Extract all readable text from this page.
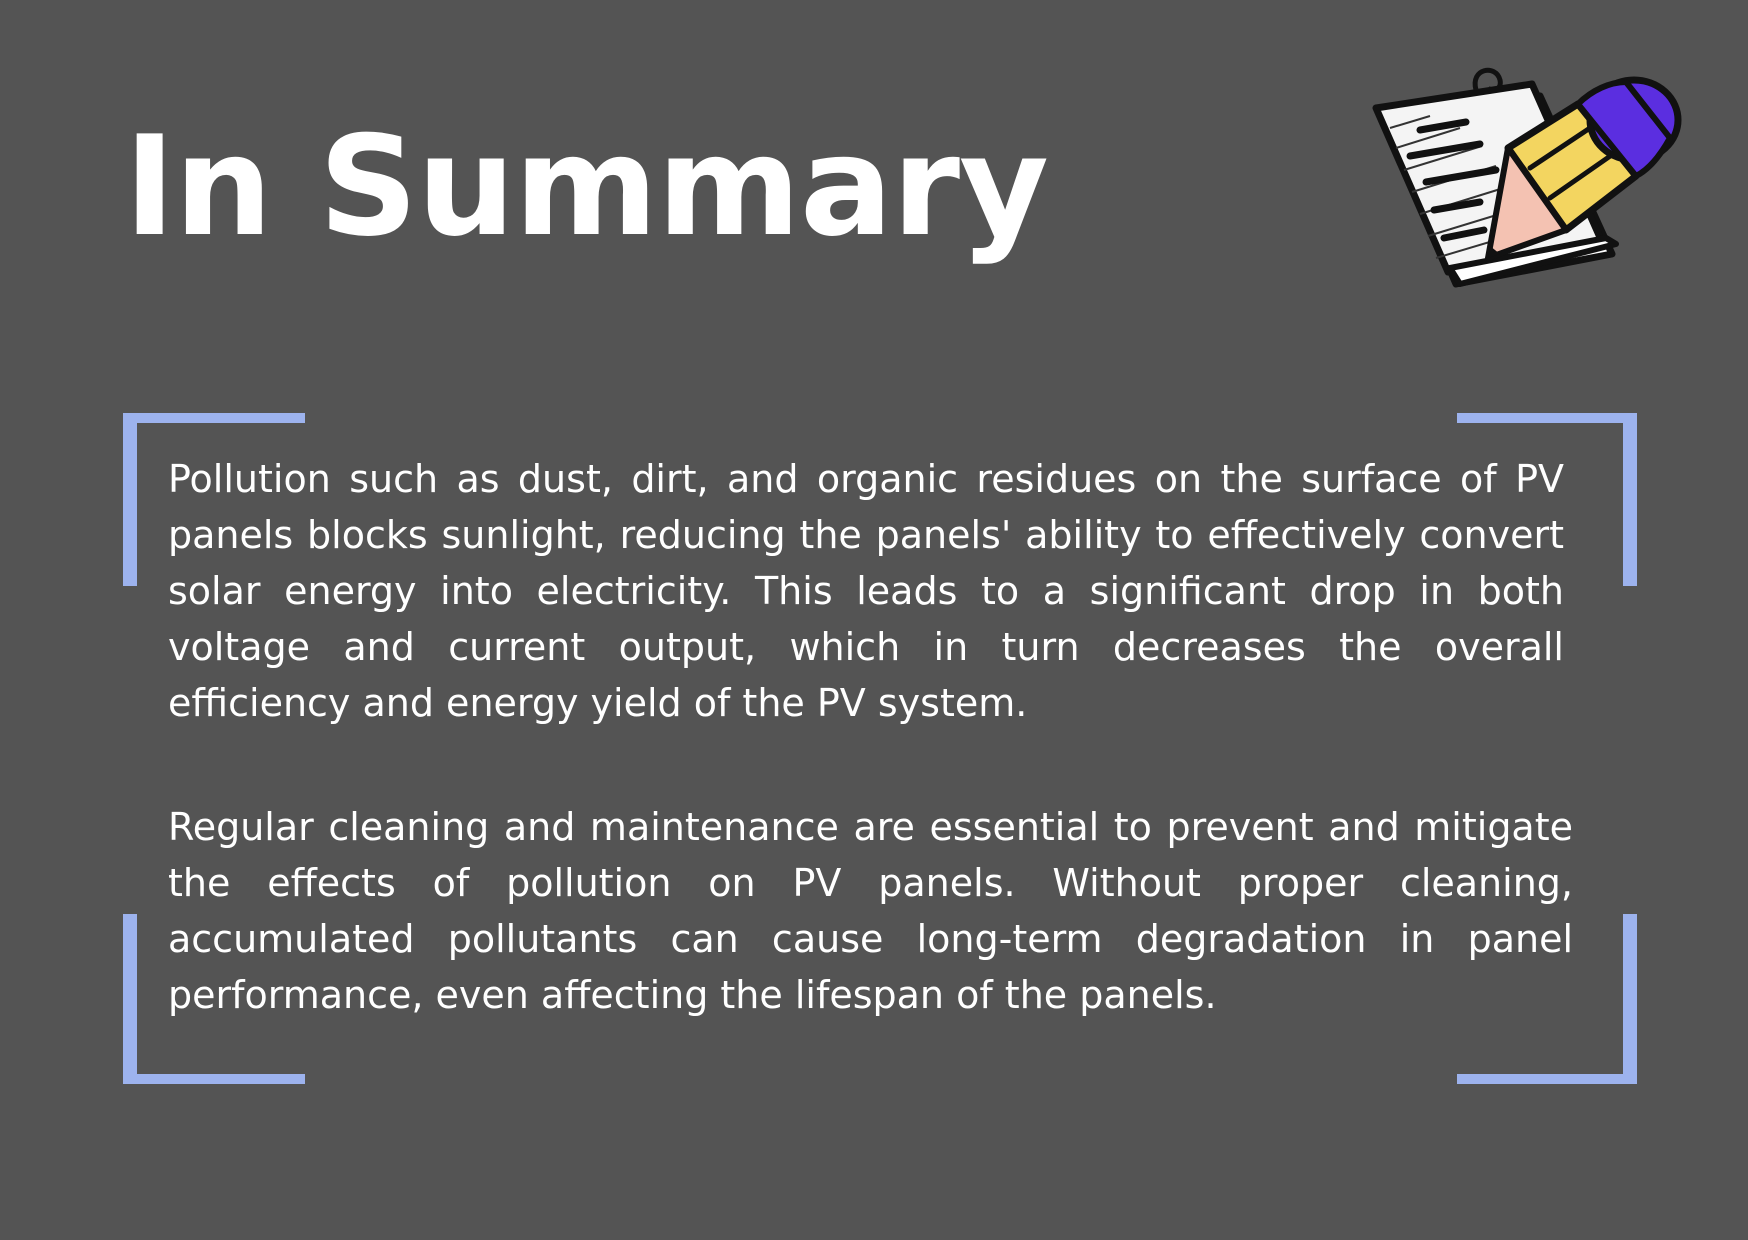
In Summary

Pollution such as dust, dirt, and organic residues on the surface of PV panels blocks sunlight, reducing the panels' ability to effectively convert solar energy into electricity. This leads to a significant drop in both voltage and current output, which in turn decreases the overall efficiency and energy yield of the PV system.

Regular cleaning and maintenance are essential to prevent and mitigate the effects of pollution on PV panels. Without proper cleaning, accumulated pollutants can cause long-term degradation in panel performance, even affecting the lifespan of the panels.
